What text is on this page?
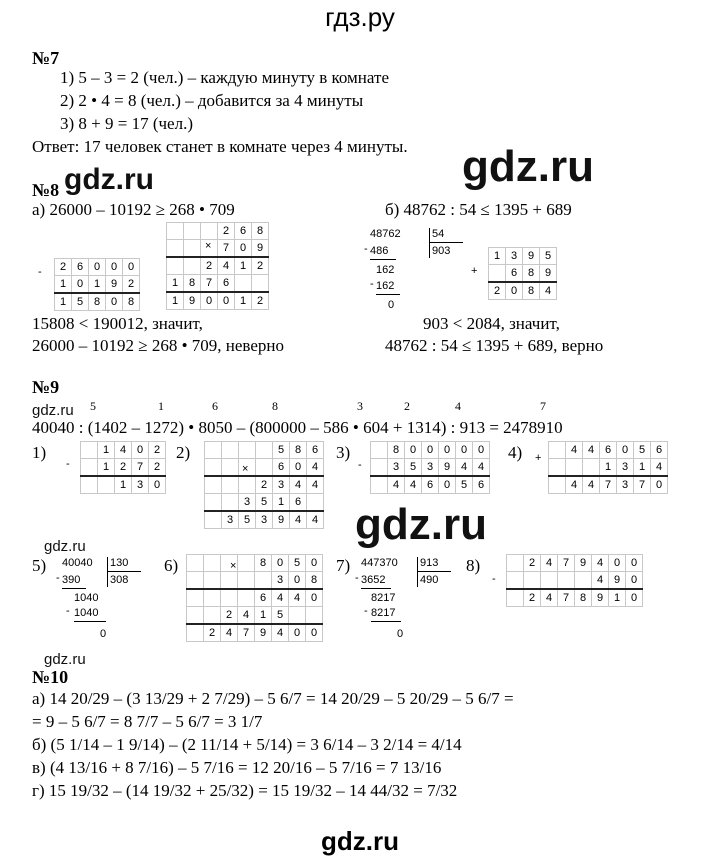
гдз.ру
gdz.ru
gdz.ru
gdz.ru
gdz.ru
gdz.ru
gdz.ru
№7
1) 5 – 3 = 2 (чел.) – каждую минуту в комнате
2) 2 • 4 = 8 (чел.) – добавится за 4 минуты
3) 8 + 9 = 17 (чел.)
Ответ: 17 человек станет в комнате через 4 минуты.
№8
а) 26000 – 10192 ≥ 268 • 709	б) 48762 : 54 ≤ 1395 + 689
- 2	6	0	0	0
1	0	1	9	2
1	5	8	0	8
×
			2	6	8
			7	0	9
		2	4	1	2
1	8	7	6		
1	9	0	0	1	2
48762	54
903
- 486
162
- 162
0
+
1	3	9	5
	6	8	9
2	0	8	4
15808 < 190012, значит,
26000 – 10192 ≥ 268 • 709, неверно
903 < 2084, значит,
48762 : 54 ≤ 1395 + 689, верно
№9
5	1	6	8	3	2	4	7
40040 : (1402 – 1272) • 8050 – (800000 – 586 • 604 + 1314) : 913 = 2478910
1)
-
	1	4	0	2
	1	2	7	2
		1	3	0
2)
×
				5	8	6
				6	0	4
			2	3	4	4
		3	5	1	6	
	3	5	3	9	4	4
3)
-
	8	0	0	0	0	0
	3	5	3	9	4	4
	4	4	6	0	5	6
4) +
	4	4	6	0	5	6
			1	3	1	4
	4	4	7	3	7	0
5) 40040 130
308
- 390
1040
- 1040
0
6)	×
				8	0	5	0
					3	0	8
				6	4	4	0
		2	4	1	5		
	2	4	7	9	4	0	0
7) 447370 913
490
- 3652
8217
- 8217
0
8)
-
	2	4	7	9	4	0	0
					4	9	0
	2	4	7	8	9	1	0
№10
а) 14 20/29 – (3 13/29 + 2 7/29) – 5 6/7 = 14 20/29 – 5 20/29 – 5 6/7 =
= 9 – 5 6/7 = 8 7/7 – 5 6/7 = 3 1/7
б) (5 1/14 – 1 9/14) – (2 11/14 + 5/14) = 3 6/14 – 3 2/14 = 4/14
в) (4 13/16 + 8 7/16) – 5 7/16 = 12 20/16 – 5 7/16 = 7 13/16
г) 15 19/32 – (14 19/32 + 25/32) = 15 19/32 – 14 44/32 = 7/32
gdz.ru
